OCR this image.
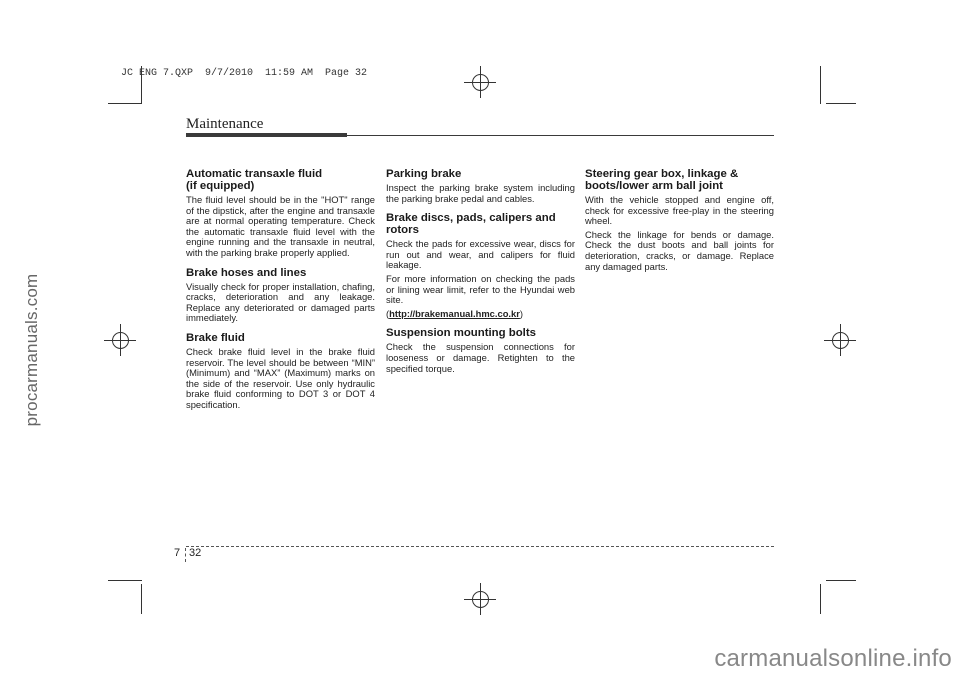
JC ENG 7.QXP  9/7/2010  11:59 AM  Page 32
procarmanuals.com
carmanualsonline.info
Maintenance
Automatic transaxle fluid
(if equipped)

The fluid level should be in the "HOT" range of the dipstick, after the engine and transaxle are at normal operating temperature. Check the automatic transaxle fluid level with the engine running and the transaxle in neutral, with the parking brake properly applied.

Brake hoses and lines

Visually check for proper installation, chafing, cracks, deterioration and any leakage. Replace any deteriorated or damaged parts immediately.

Brake fluid

Check brake fluid level in the brake fluid reservoir. The level should be between “MIN” (Minimum) and “MAX” (Maximum) marks on the side of the reservoir. Use only hydraulic brake fluid conforming to DOT 3 or DOT 4 specification.

Parking brake

Inspect the parking brake system including the parking brake pedal and cables.

Brake discs, pads, calipers and rotors

Check the pads for excessive wear, discs for run out and wear, and calipers for fluid leakage.

For more information on checking the pads or lining wear limit, refer to the Hyundai web site.

(http://brakemanual.hmc.co.kr)

Suspension mounting bolts

Check the suspension connections for looseness or damage. Retighten to the specified torque.

Steering gear box, linkage & boots/lower arm ball joint

With the vehicle stopped and engine off, check for excessive free-play in the steering wheel.

Check the linkage for bends or damage. Check the dust boots and ball joints for deterioration, cracks, or damage. Replace any damaged parts.

7 32
